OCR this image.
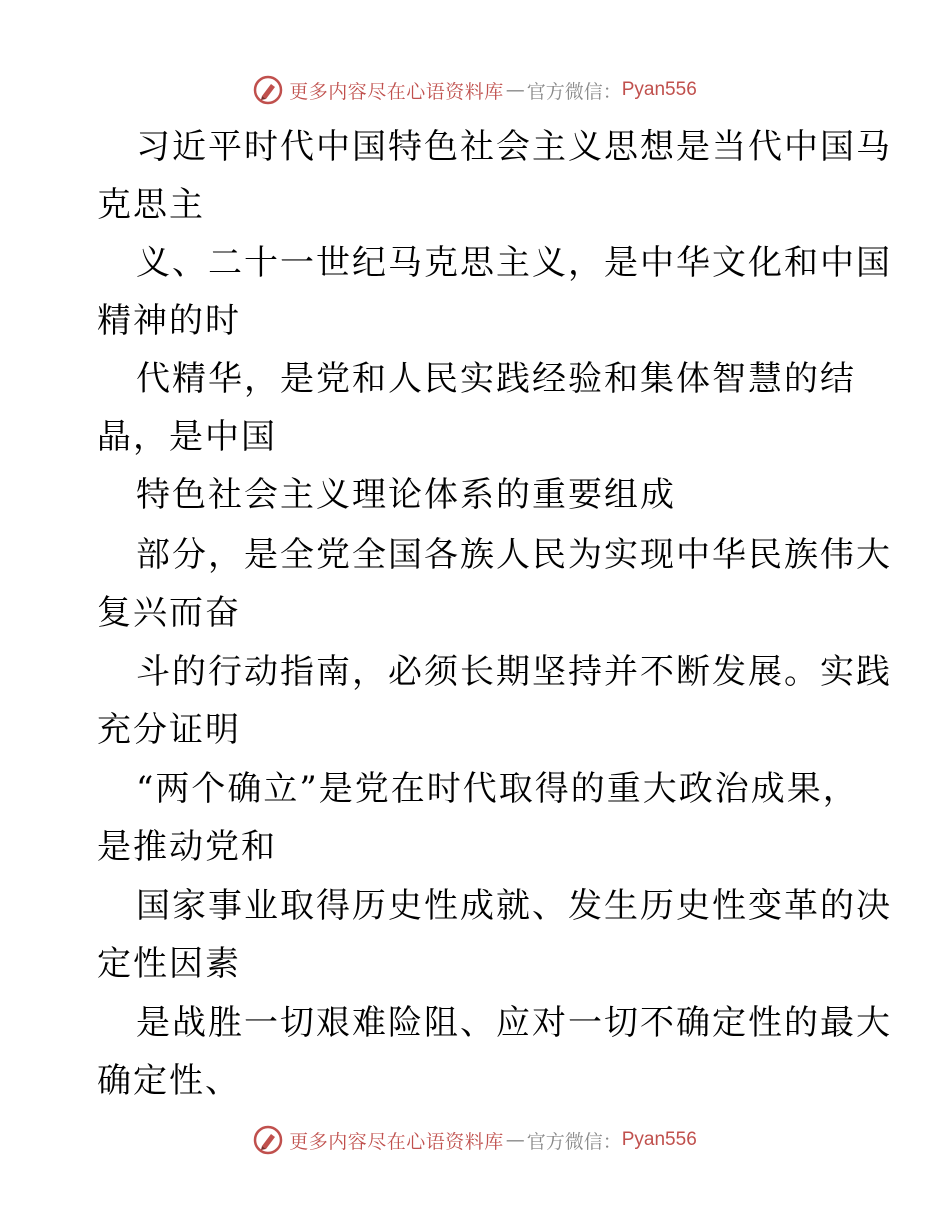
更多内容尽在心语资料库 — 官方微信： Pyan556
习近平时代中国特色社会主义思想是当代中国马
克思主
义、二十一世纪马克思主义，是中华文化和中国
精神的时
代精华，是党和人民实践经验和集体智慧的结
晶，是中国
特色社会主义理论体系的重要组成
部分，是全党全国各族人民为实现中华民族伟大
复兴而奋
斗的行动指南，必须长期坚持并不断发展。实践
充分证明
“两个确立”是党在时代取得的重大政治成果，
是推动党和
国家事业取得历史性成就、发生历史性变革的决
定性因素
是战胜一切艰难险阻、应对一切不确定性的最大
确定性、
更多内容尽在心语资料库 — 官方微信： Pyan556
